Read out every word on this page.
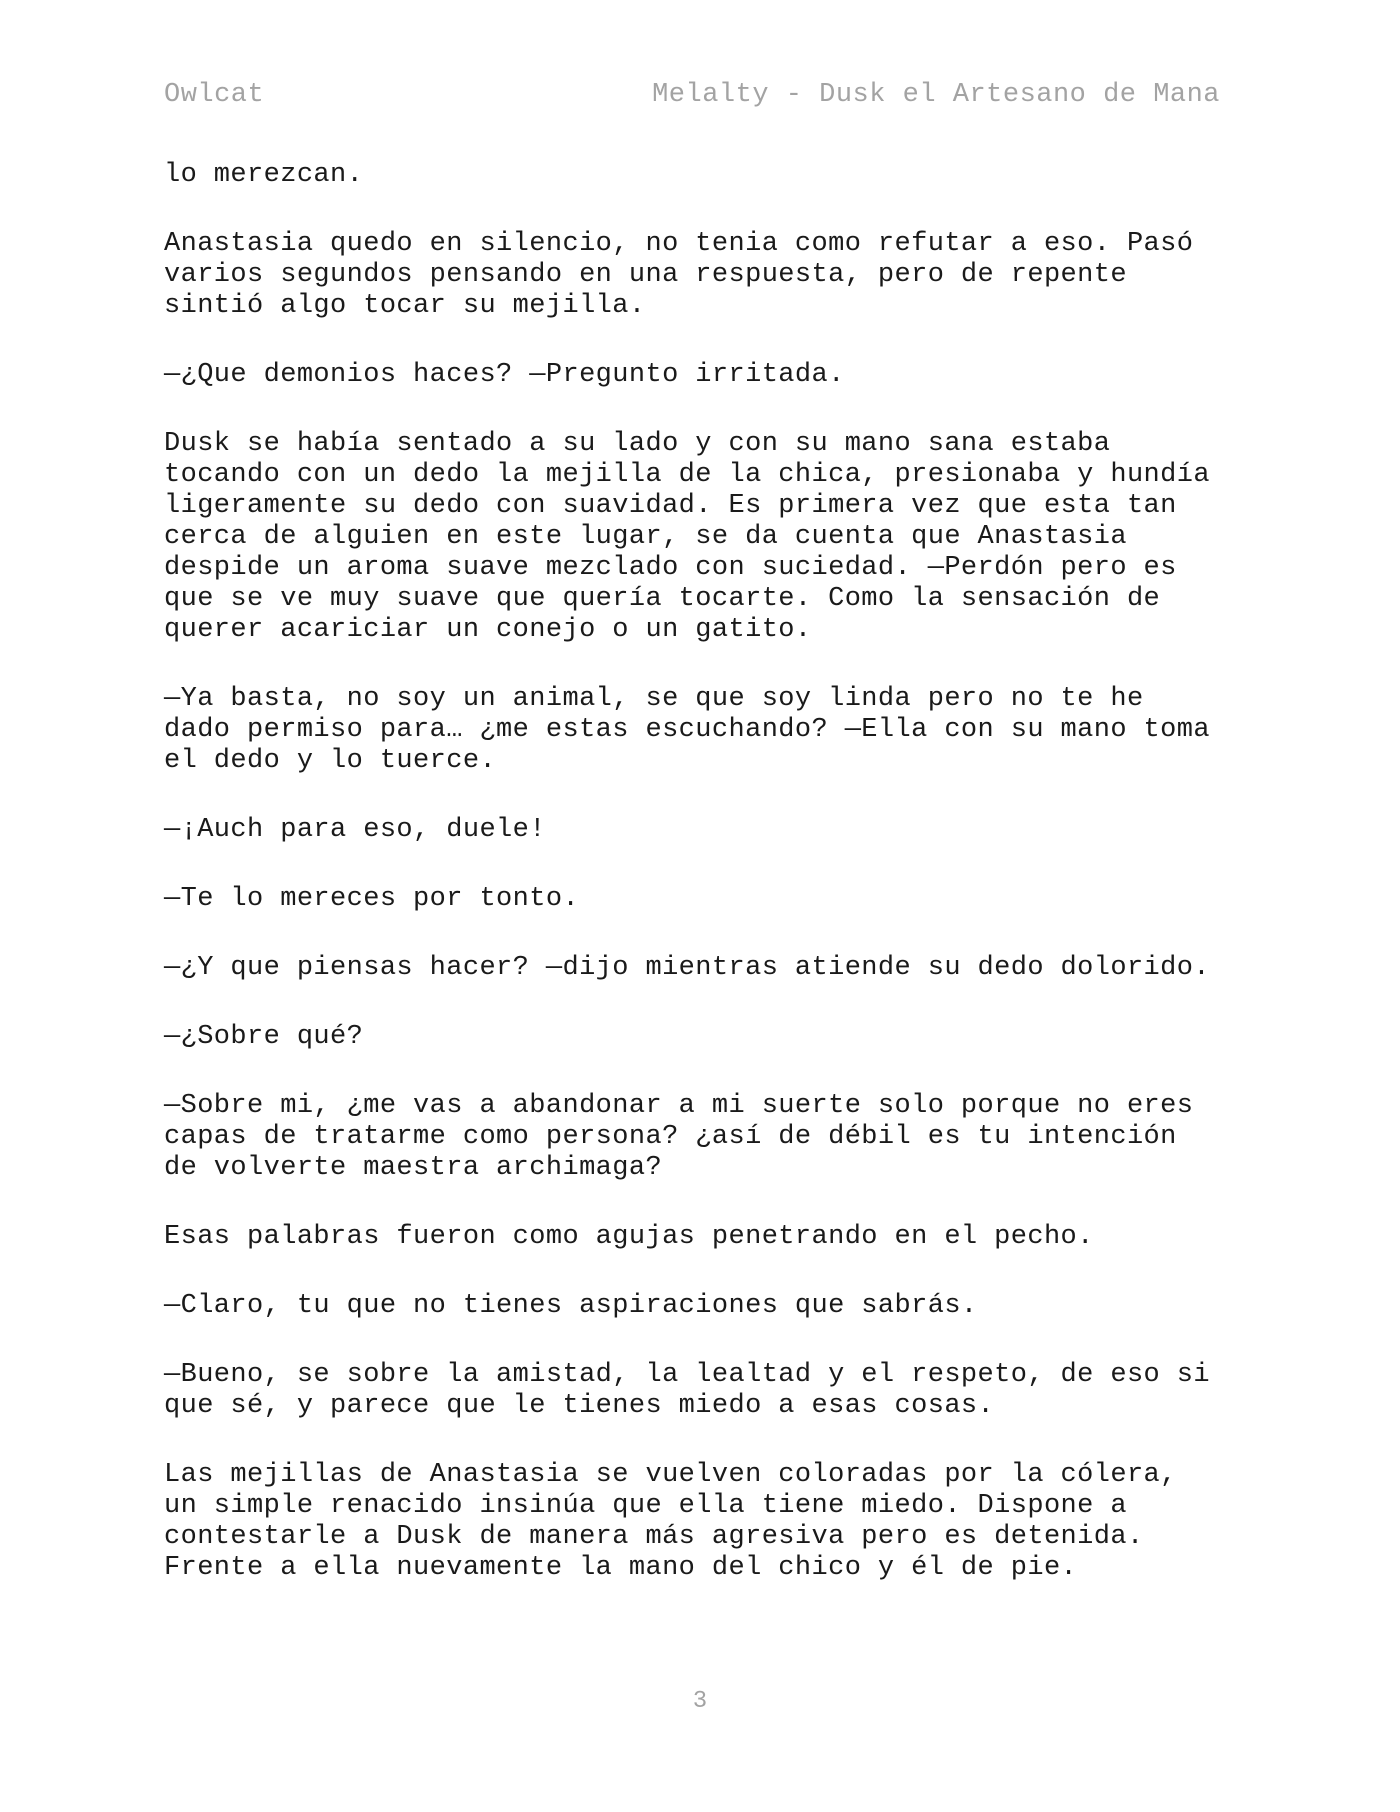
Owlcat	Melalty - Dusk el Artesano de Mana

lo merezcan.

Anastasia quedo en silencio, no tenia como refutar a eso. Pasó varios segundos pensando en una respuesta, pero de repente sintió algo tocar su mejilla.

—¿Que demonios haces? —Pregunto irritada.

Dusk se había sentado a su lado y con su mano sana estaba tocando con un dedo la mejilla de la chica, presionaba y hundía ligeramente su dedo con suavidad. Es primera vez que esta tan cerca de alguien en este lugar, se da cuenta que Anastasia despide un aroma suave mezclado con suciedad. —Perdón pero es que se ve muy suave que quería tocarte. Como la sensación de querer acariciar un conejo o un gatito.

—Ya basta, no soy un animal, se que soy linda pero no te he dado permiso para… ¿me estas escuchando? —Ella con su mano toma el dedo y lo tuerce.

—¡Auch para eso, duele!

—Te lo mereces por tonto.

—¿Y que piensas hacer? —dijo mientras atiende su dedo dolorido.

—¿Sobre qué?

—Sobre mi, ¿me vas a abandonar a mi suerte solo porque no eres capas de tratarme como persona? ¿así de débil es tu intención de volverte maestra archimaga?

Esas palabras fueron como agujas penetrando en el pecho.

—Claro, tu que no tienes aspiraciones que sabrás.

—Bueno, se sobre la amistad, la lealtad y el respeto, de eso si que sé, y parece que le tienes miedo a esas cosas.

Las mejillas de Anastasia se vuelven coloradas por la cólera, un simple renacido insinúa que ella tiene miedo. Dispone a contestarle a Dusk de manera más agresiva pero es detenida. Frente a ella nuevamente la mano del chico y él de pie.

3
